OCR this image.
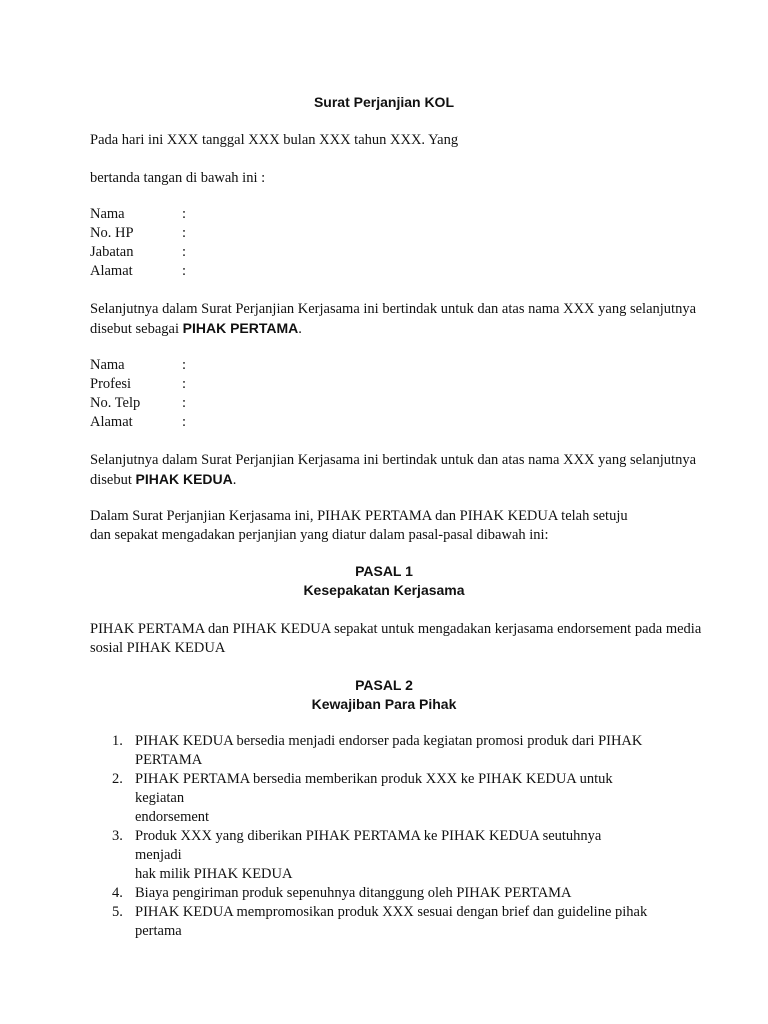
Surat Perjanjian KOL

Pada hari ini XXX tanggal XXX bulan XXX tahun XXX. Yang

bertanda tangan di bawah ini :

Nama	:
No. HP	:
Jabatan	:
Alamat	:

Selanjutnya dalam Surat Perjanjian Kerjasama ini bertindak untuk dan atas nama XXX yang selanjutnya
disebut sebagai PIHAK PERTAMA.

Nama	:
Profesi	:
No. Telp	:
Alamat	:

Selanjutnya dalam Surat Perjanjian Kerjasama ini bertindak untuk dan atas nama XXX yang selanjutnya
disebut PIHAK KEDUA.

Dalam Surat Perjanjian Kerjasama ini, PIHAK PERTAMA dan PIHAK KEDUA telah setuju
dan sepakat mengadakan perjanjian yang diatur dalam pasal-pasal dibawah ini:

PASAL 1
Kesepakatan Kerjasama

PIHAK PERTAMA dan PIHAK KEDUA sepakat untuk mengadakan kerjasama endorsement pada media
sosial PIHAK KEDUA

PASAL 2
Kewajiban Para Pihak
1. PIHAK KEDUA bersedia menjadi endorser pada kegiatan promosi produk dari PIHAK
PERTAMA
2. PIHAK PERTAMA bersedia memberikan produk XXX ke PIHAK KEDUA untuk kegiatan
endorsement
3. Produk XXX yang diberikan PIHAK PERTAMA ke PIHAK KEDUA seutuhnya menjadi
hak milik PIHAK KEDUA
4. Biaya pengiriman produk sepenuhnya ditanggung oleh PIHAK PERTAMA
5. PIHAK KEDUA mempromosikan produk XXX sesuai dengan brief dan guideline pihak
pertama
